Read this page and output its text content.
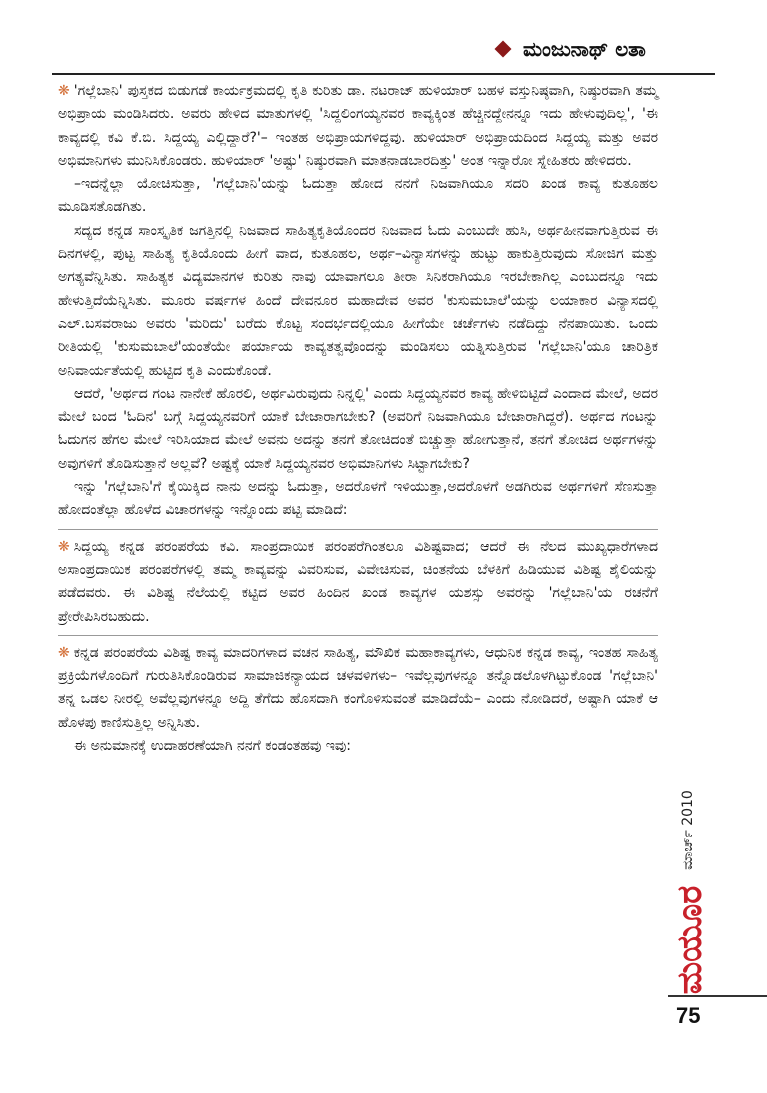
ಮಂಜುನಾಥ್ ಲತಾ

❋ 'ಗಲ್ಲೆಬಾನಿ' ಪುಸ್ತಕದ ಬಿಡುಗಡೆ ಕಾರ್ಯಕ್ರಮದಲ್ಲಿ ಕೃತಿ ಕುರಿತು ಡಾ. ನಟರಾಜ್ ಹುಳಿಯಾರ್ ಬಹಳ ವಸ್ತುನಿಷ್ಠವಾಗಿ, ನಿಷ್ಠುರವಾಗಿ ತಮ್ಮ ಅಭಿಪ್ರಾಯ ಮಂಡಿಸಿದರು. ಅವರು ಹೇಳಿದ ಮಾತುಗಳಲ್ಲಿ 'ಸಿದ್ದಲಿಂಗಯ್ಯನವರ ಕಾವ್ಯಕ್ಕಿಂತ ಹೆಚ್ಚಿನದ್ದೇನನ್ನೂ ಇದು ಹೇಳುವುದಿಲ್ಲ', 'ಈ ಕಾವ್ಯದಲ್ಲಿ ಕವಿ ಕೆ.ಬಿ. ಸಿದ್ದಯ್ಯ ಎಲ್ಲಿದ್ದಾರೆ?'– ಇಂತಹ ಅಭಿಪ್ರಾಯಗಳಿದ್ದವು. ಹುಳಿಯಾರ್ ಅಭಿಪ್ರಾಯದಿಂದ ಸಿದ್ದಯ್ಯ ಮತ್ತು ಅವರ ಅಭಿಮಾನಿಗಳು ಮುನಿಸಿಕೊಂಡರು. ಹುಳಿಯಾರ್ 'ಅಷ್ಟು' ನಿಷ್ಠುರವಾಗಿ ಮಾತನಾಡಬಾರದಿತ್ತು' ಅಂತ ಇನ್ನಾರೋ ಸ್ನೇಹಿತರು ಹೇಳಿದರು.

–ಇದನ್ನೆಲ್ಲಾ ಯೋಚಿಸುತ್ತಾ, 'ಗಲ್ಲೆಬಾನಿ'ಯನ್ನು ಓದುತ್ತಾ ಹೋದ ನನಗೆ ನಿಜವಾಗಿಯೂ ಸದರಿ ಖಂಡ ಕಾವ್ಯ ಕುತೂಹಲ ಮೂಡಿಸತೊಡಗಿತು.

ಸದ್ಯದ ಕನ್ನಡ ಸಾಂಸ್ಕೃತಿಕ ಜಗತ್ತಿನಲ್ಲಿ ನಿಜವಾದ ಸಾಹಿತ್ಯಕೃತಿಯೊಂದರ ನಿಜವಾದ ಓದು ಎಂಬುದೇ ಹುಸಿ, ಅರ್ಥಹೀನವಾಗುತ್ತಿರುವ ಈ ದಿನಗಳಲ್ಲಿ, ಪುಟ್ಟ ಸಾಹಿತ್ಯ ಕೃತಿಯೊಂದು ಹೀಗೆ ವಾದ, ಕುತೂಹಲ, ಅರ್ಥ–ವಿನ್ಯಾಸಗಳನ್ನು ಹುಟ್ಟು ಹಾಕುತ್ತಿರುವುದು ಸೋಜಿಗ ಮತ್ತು ಅಗತ್ಯವೆನ್ನಿಸಿತು. ಸಾಹಿತ್ಯಕ ವಿದ್ಯಮಾನಗಳ ಕುರಿತು ನಾವು ಯಾವಾಗಲೂ ತೀರಾ ಸಿನಿಕರಾಗಿಯೂ ಇರಬೇಕಾಗಿಲ್ಲ ಎಂಬುದನ್ನೂ ಇದು ಹೇಳುತ್ತಿದೆಯೆನ್ನಿಸಿತು. ಮೂರು ವರ್ಷಗಳ ಹಿಂದೆ ದೇವನೂರ ಮಹಾದೇವ ಅವರ 'ಕುಸುಮಬಾಲೆ'ಯನ್ನು ಲಯಾಕಾರ ವಿನ್ಯಾಸದಲ್ಲಿ ಎಲ್.ಬಸವರಾಜು ಅವರು 'ಮರಿದು' ಬರೆದು ಕೊಟ್ಟ ಸಂದರ್ಭದಲ್ಲಿಯೂ ಹೀಗೆಯೇ ಚರ್ಚೆಗಳು ನಡೆದಿದ್ದು ನೆನಪಾಯಿತು. ಒಂದು ರೀತಿಯಲ್ಲಿ 'ಕುಸುಮಬಾಲೆ'ಯಂತೆಯೇ ಪರ್ಯಾಯ ಕಾವ್ಯತತ್ವವೊಂದನ್ನು ಮಂಡಿಸಲು ಯತ್ನಿಸುತ್ತಿರುವ 'ಗಲ್ಲೆಬಾನಿ'ಯೂ ಚಾರಿತ್ರಿಕ ಅನಿವಾರ್ಯತೆಯಲ್ಲಿ ಹುಟ್ಟಿದ ಕೃತಿ ಎಂದುಕೊಂಡೆ.

ಆದರೆ, 'ಅರ್ಥದ ಗಂಟ ನಾನೇಕೆ ಹೊರಲಿ, ಅರ್ಥವಿರುವುದು ನಿನ್ನಲ್ಲಿ' ಎಂದು ಸಿದ್ದಯ್ಯನವರ ಕಾವ್ಯ ಹೇಳಿಬಿಟ್ಟಿದೆ ಎಂದಾದ ಮೇಲೆ, ಅದರ ಮೇಲೆ ಬಂದ 'ಓದಿನ' ಬಗ್ಗೆ ಸಿದ್ದಯ್ಯನವರಿಗೆ ಯಾಕೆ ಬೇಜಾರಾಗಬೇಕು? (ಅವರಿಗೆ ನಿಜವಾಗಿಯೂ ಬೇಜಾರಾಗಿದ್ದರೆ). ಅರ್ಥದ ಗಂಟನ್ನು ಓದುಗನ ಹೆಗಲ ಮೇಲೆ ಇರಿಸಿಯಾದ ಮೇಲೆ ಅವನು ಅದನ್ನು ತನಗೆ ತೋಚಿದಂತೆ ಬಿಚ್ಚುತ್ತಾ ಹೋಗುತ್ತಾನೆ, ತನಗೆ ತೋಚಿದ ಅರ್ಥಗಳನ್ನು ಅವುಗಳಿಗೆ ತೊಡಿಸುತ್ತಾನೆ ಅಲ್ಲವೆ? ಅಷ್ಟಕ್ಕೆ ಯಾಕೆ ಸಿದ್ದಯ್ಯನವರ ಅಭಿಮಾನಿಗಳು ಸಿಟ್ಟಾಗಬೇಕು?

ಇನ್ನು 'ಗಲ್ಲೆಬಾನಿ'ಗೆ ಕೈಯಿಕ್ಕಿದ ನಾನು ಅದನ್ನು ಓದುತ್ತಾ, ಅದರೊಳಗೆ ಇಳಿಯುತ್ತಾ,ಅದರೊಳಗೆ ಅಡಗಿರುವ ಅರ್ಥಗಳಿಗೆ ಸೆಣಸುತ್ತಾ ಹೋದಂತೆಲ್ಲಾ ಹೊಳೆದ ವಿಚಾರಗಳನ್ನು ಇನ್ನೊಂದು ಪಟ್ಟಿ ಮಾಡಿದೆ:

❋ ಸಿದ್ದಯ್ಯ ಕನ್ನಡ ಪರಂಪರೆಯ ಕವಿ. ಸಾಂಪ್ರದಾಯಿಕ ಪರಂಪರೆಗಿಂತಲೂ ವಿಶಿಷ್ಟವಾದ; ಆದರೆ ಈ ನೆಲದ ಮುಖ್ಯಧಾರೆಗಳಾದ ಅಸಾಂಪ್ರದಾಯಿಕ ಪರಂಪರೆಗಳಲ್ಲಿ ತಮ್ಮ ಕಾವ್ಯವನ್ನು ವಿವರಿಸುವ, ವಿವೇಚಿಸುವ, ಚಿಂತನೆಯ ಬೆಳಕಿಗೆ ಹಿಡಿಯುವ ವಿಶಿಷ್ಟ ಶೈಲಿಯನ್ನು ಪಡೆದವರು. ಈ ವಿಶಿಷ್ಟ ನೆಲೆಯಲ್ಲಿ ಕಟ್ಟಿದ ಅವರ ಹಿಂದಿನ ಖಂಡ ಕಾವ್ಯಗಳ ಯಶಸ್ಸು ಅವರನ್ನು 'ಗಲ್ಲೆಬಾನಿ'ಯ ರಚನೆಗೆ ಪ್ರೇರೇಪಿಸಿರಬಹುದು.

❋ ಕನ್ನಡ ಪರಂಪರೆಯ ವಿಶಿಷ್ಟ ಕಾವ್ಯ ಮಾದರಿಗಳಾದ ವಚನ ಸಾಹಿತ್ಯ, ಮೌಖಿಕ ಮಹಾಕಾವ್ಯಗಳು, ಆಧುನಿಕ ಕನ್ನಡ ಕಾವ್ಯ, ಇಂತಹ ಸಾಹಿತ್ಯ ಪ್ರಕ್ರಿಯೆಗಳೊಂದಿಗೆ ಗುರುತಿಸಿಕೊಂಡಿರುವ ಸಾಮಾಜಿಕನ್ಯಾಯದ ಚಳವಳಿಗಳು– ಇವೆಲ್ಲವುಗಳನ್ನೂ ತನ್ನೊಡಲೊಳಗಿಟ್ಟುಕೊಂಡ 'ಗಲ್ಲೆಬಾನಿ' ತನ್ನ ಒಡಲ ನೀರಲ್ಲಿ ಅವೆಲ್ಲವುಗಳನ್ನೂ ಅದ್ದಿ ತೆಗೆದು ಹೊಸದಾಗಿ ಕಂಗೊಳಿಸುವಂತೆ ಮಾಡಿದೆಯೆ– ಎಂದು ನೋಡಿದರೆ, ಅಷ್ಟಾಗಿ ಯಾಕೆ ಆ ಹೊಳಪು ಕಾಣಿಸುತ್ತಿಲ್ಲ ಅನ್ನಿಸಿತು.

ಈ ಅನುಮಾನಕ್ಕೆ ಉದಾಹರಣೆಯಾಗಿ ನನಗೆ ಕಂಡಂತಹವು ಇವು:

ಮಾರ್ಚ್ 2010
ಮಯೂರ
75
